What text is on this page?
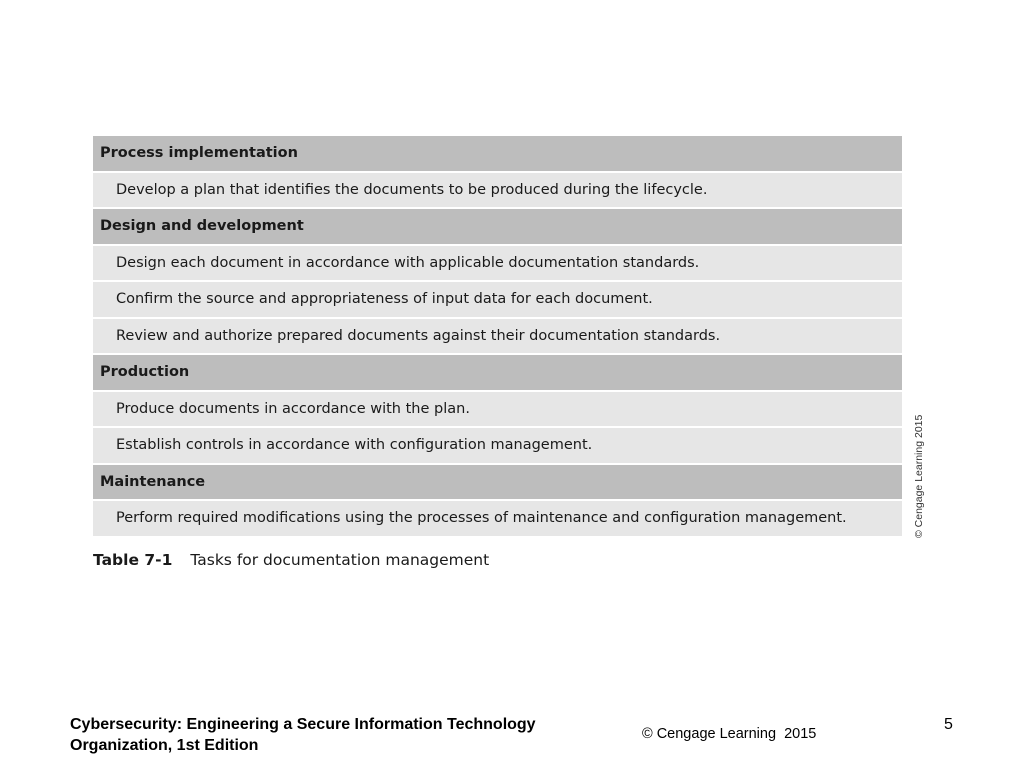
Process implementation
Develop a plan that identifies the documents to be produced during the lifecycle.
Design and development
Design each document in accordance with applicable documentation standards.
Confirm the source and appropriateness of input data for each document.
Review and authorize prepared documents against their documentation standards.
Production
Produce documents in accordance with the plan.
Establish controls in accordance with configuration management.
Maintenance
Perform required modifications using the processes of maintenance and configuration management.	© Cengage Learning 2015
Table 7-1 Tasks for documentation management
Cybersecurity: Engineering a Secure Information Technology Organization, 1st Edition
© Cengage Learning  2015
5
